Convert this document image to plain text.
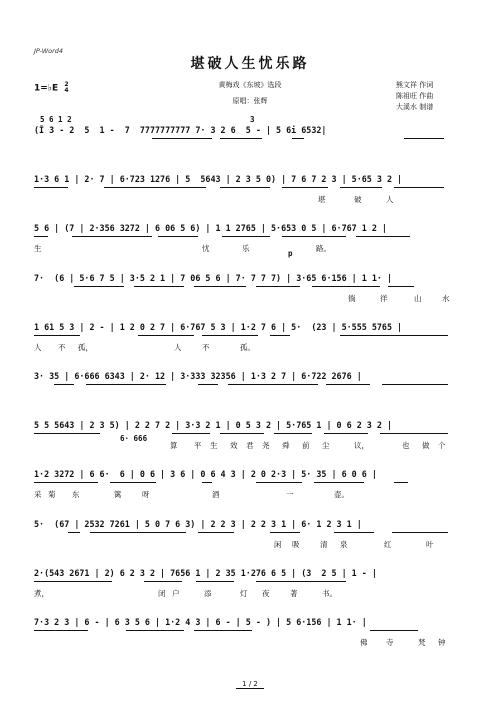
JP-Word4
堪破人生忧乐路
1=♭E 2
4
黄梅戏《东坡》选段
原唱：张辉
熊文祥 作词
陈祖旺 作曲
大溪水 制谱
(Ĩ 3 - 2  5  1 -  7  7777777777 7· 3 2 6  5 - | 5 6i 6532|
1·3 6 1 | 2· 7 | 6·723 1276 | 5  5643 | 2 3 5 0) | 7 6 7 2 3 | 5·65 3 2 |
堪	破	人
5 6 | (7 | 2·356 3272 | 6 06 5 6) | 1 1 2765 | 5·653 0 5 | 6·767 1 2 |
生	忧	乐	路。
7·  (6 | 5·6 7 5 | 3·5 2 1 | 7 06 5 6 | 7· 7 7 7) | 3·65 6·156 | 1 1· |
徜	徉	山	水
1 61 5 3 | 2 - | 1 2 0 2 7 | 6·767 5 3 | 1·2 7 6 | 5·  (23 | 5·555 5765 |
人 不 孤，	人	不	孤。
3· 35 | 6·666 6343 | 2· 12 | 3·333 32356 | 1·3 2 7 | 6·722 2676 |
5 5 5643 | 2 3 5) | 2 2 7 2 | 3·3 2 1 | 0 5 3 2 | 5·765 1 | 0 6 2 3 2 |
算 平 生 效 君 尧 舜 前 尘	议，	也 做 个
1·2 3272 | 6 6·  6 | 0 6 | 3 6 | 0 6 4 3 | 2 0 2·3 | 5· 35 | 6 0 6 |
采 菊 东	篱	呀	酒	一	壶。
5·  (67 | 2532 7261 | 5 0 7 6 3) | 2 2 3 | 2 2 3 1 | 6· 1 2 3 1 |
闲 吸	清 泉	红	叶
2·(543 2671 | 2) 6 2 3 2 | 7656 1 | 2 35 1·276 6 5 | (3  2 5 | 1 - |
煮，	闭 户	添	灯 夜	著	书。
7·3 2 3 | 6 - | 6 3 5 6 | 1·2 4 3 | 6 - | 5 - ) | 5 6·156 | 1 1· |
佛 寺	梵 钟
3
5 6 1 2
p
6· 666
1 / 2
